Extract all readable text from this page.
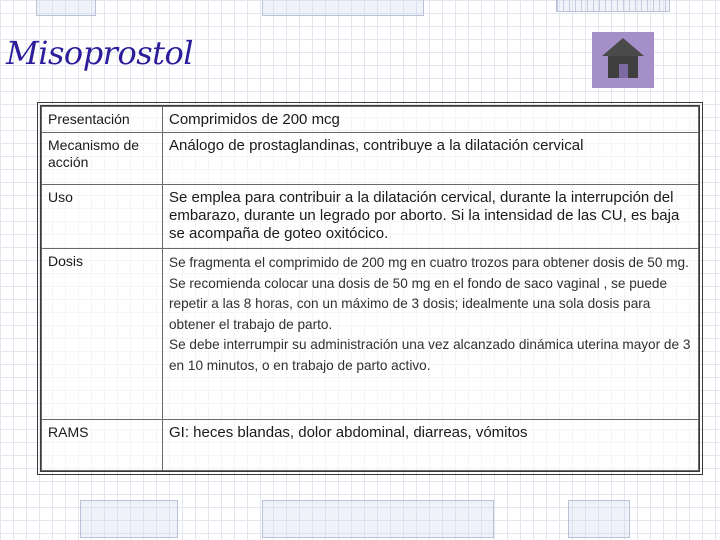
Misoprostol
Presentación	Comprimidos de 200 mcg
Mecanismo de acción	Análogo de prostaglandinas, contribuye a la dilatación cervical
Uso	Se emplea para contribuir a la dilatación cervical, durante la interrupción del embarazo, durante un legrado por aborto. Si la intensidad de las CU, es baja se acompaña de goteo oxitócico.
Dosis	Se fragmenta el comprimido de 200 mg en cuatro trozos para obtener dosis de 50 mg.
Se recomienda colocar una dosis de 50 mg en el fondo de saco vaginal , se puede repetir a las 8 horas, con un máximo de 3 dosis; idealmente una sola dosis para obtener el trabajo de parto.
Se debe interrumpir su administración una vez alcanzado dinámica uterina mayor de 3 en 10 minutos, o en trabajo de parto activo.

RAMS	GI: heces blandas, dolor abdominal, diarreas, vómitos
